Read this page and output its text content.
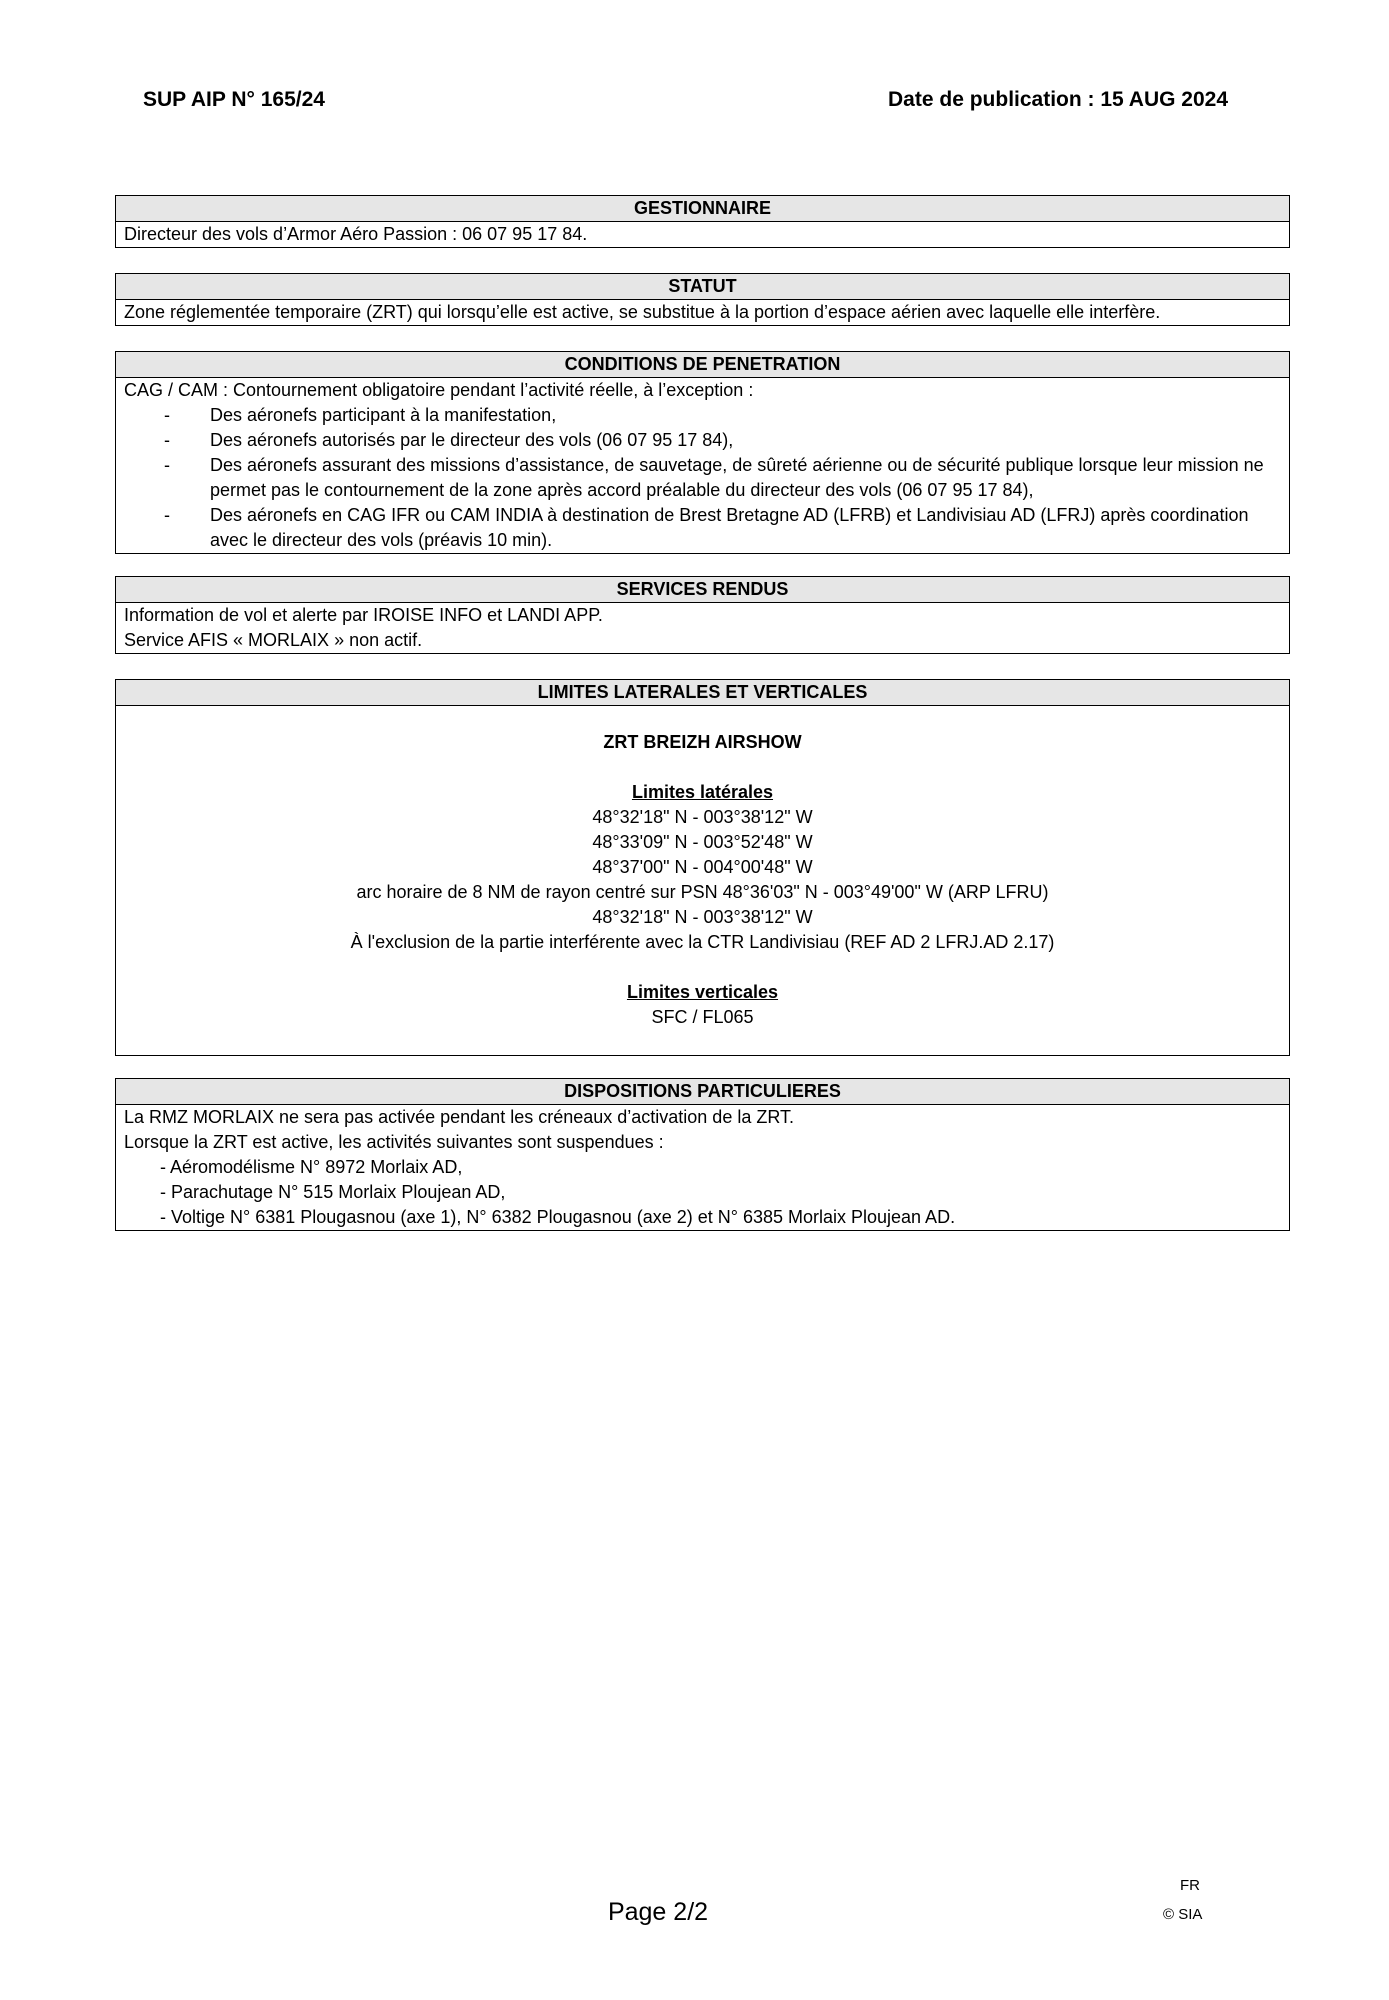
SUP AIP N° 165/24	Date de publication : 15 AUG 2024
GESTIONNAIRE

Directeur des vols d’Armor Aéro Passion : 06 07 95 17 84.

STATUT

Zone réglementée temporaire (ZRT) qui lorsqu’elle est active, se substitue à la portion d’espace aérien avec laquelle elle interfère.

CONDITIONS DE PENETRATION

CAG / CAM : Contournement obligatoire pendant l’activité réelle, à l’exception :

- Des aéronefs participant à la manifestation,
- Des aéronefs autorisés par le directeur des vols (06 07 95 17 84),
- Des aéronefs assurant des missions d’assistance, de sauvetage, de sûreté aérienne ou de sécurité publique lorsque leur mission ne permet pas le contournement de la zone après accord préalable du directeur des vols (06 07 95 17 84),
- Des aéronefs en CAG IFR ou CAM INDIA à destination de Brest Bretagne AD (LFRB) et Landivisiau AD (LFRJ) après coordination avec le directeur des vols (préavis 10 min).
SERVICES RENDUS

Information de vol et alerte par IROISE INFO et LANDI APP.

Service AFIS « MORLAIX » non actif.

LIMITES LATERALES ET VERTICALES
ZRT BREIZH AIRSHOW
Limites latérales
48°32'18" N - 003°38'12" W
48°33'09" N - 003°52'48" W
48°37'00" N - 004°00'48" W
arc horaire de 8 NM de rayon centré sur PSN 48°36'03" N - 003°49'00" W (ARP LFRU)
48°32'18" N - 003°38'12" W
À l'exclusion de la partie interférente avec la CTR Landivisiau (REF AD 2 LFRJ.AD 2.17)
Limites verticales
SFC / FL065
DISPOSITIONS PARTICULIERES

La RMZ MORLAIX ne sera pas activée pendant les créneaux d’activation de la ZRT.

Lorsque la ZRT est active, les activités suivantes sont suspendues :

- Aéromodélisme N° 8972 Morlaix AD,
- Parachutage N° 515 Morlaix Ploujean AD,
- Voltige N° 6381 Plougasnou (axe 1), N° 6382 Plougasnou (axe 2) et N° 6385 Morlaix Ploujean AD.
Page 2/2
FR
© SIA
